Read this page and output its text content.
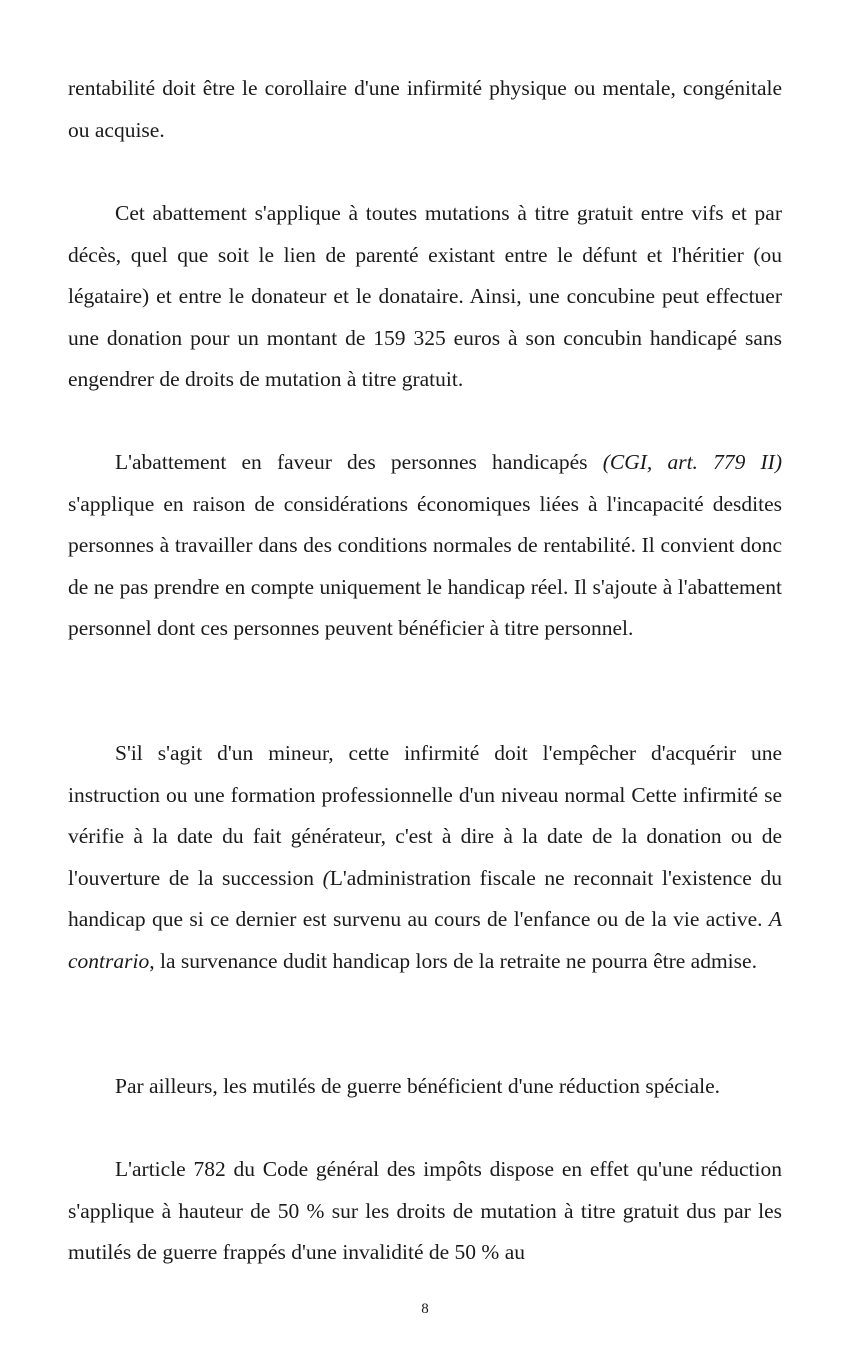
rentabilité doit être le corollaire d'une infirmité physique ou mentale, congénitale ou acquise.

Cet abattement s'applique à toutes mutations à titre gratuit entre vifs et par décès, quel que soit le lien de parenté existant entre le défunt et l'héritier (ou légataire) et entre le donateur et le donataire. Ainsi, une concubine peut effectuer une donation pour un montant de 159 325 euros à son concubin handicapé sans engendrer de droits de mutation à titre gratuit.

L'abattement en faveur des personnes handicapés (CGI, art. 779 II) s'applique en raison de considérations économiques liées à l'incapacité desdites personnes à travailler dans des conditions normales de rentabilité. Il convient donc de ne pas prendre en compte uniquement le handicap réel. Il s'ajoute à l'abattement personnel dont ces personnes peuvent bénéficier à titre personnel.

S'il s'agit d'un mineur, cette infirmité doit l'empêcher d'acquérir une instruction ou une formation professionnelle d'un niveau normal Cette infirmité se vérifie à la date du fait générateur, c'est à dire à la date de la donation ou de l'ouverture de la succession (L'administration fiscale ne reconnait l'existence du handicap que si ce dernier est survenu au cours de l'enfance ou de la vie active. A contrario, la survenance dudit handicap lors de la retraite ne pourra être admise.

Par ailleurs, les mutilés de guerre bénéficient d'une réduction spéciale.

L'article 782 du Code général des impôts dispose en effet qu'une réduction s'applique à hauteur de 50 % sur les droits de mutation à titre gratuit dus par les mutilés de guerre frappés d'une invalidité de 50 % au

8
